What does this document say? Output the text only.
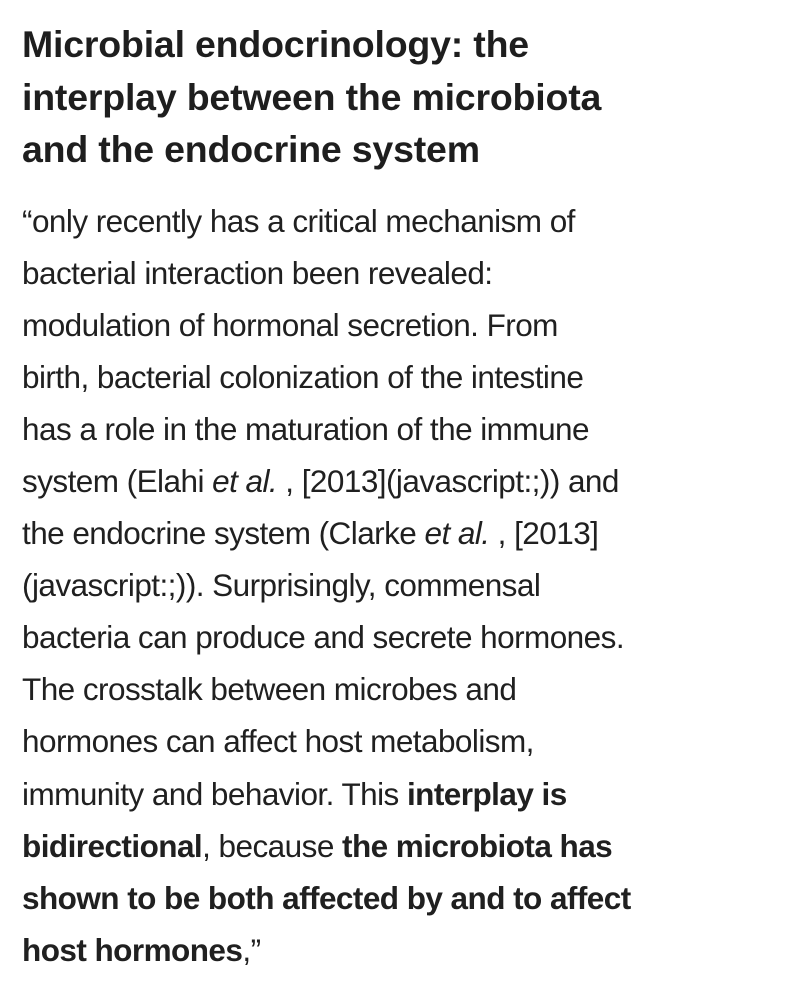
Microbial endocrinology: the
interplay between the microbiota
and the endocrine system
“only recently has a critical mechanism of
bacterial interaction been revealed:
modulation of hormonal secretion. From
birth, bacterial colonization of the intestine
has a role in the maturation of the immune
system (Elahi et al. , [2013](javascript:;)) and
the endocrine system (Clarke et al. , [2013]
(javascript:;)). Surprisingly, commensal
bacteria can produce and secrete hormones.
The crosstalk between microbes and
hormones can affect host metabolism,
immunity and behavior. This interplay is
bidirectional, because the microbiota has
shown to be both affected by and to affect
host hormones,”
